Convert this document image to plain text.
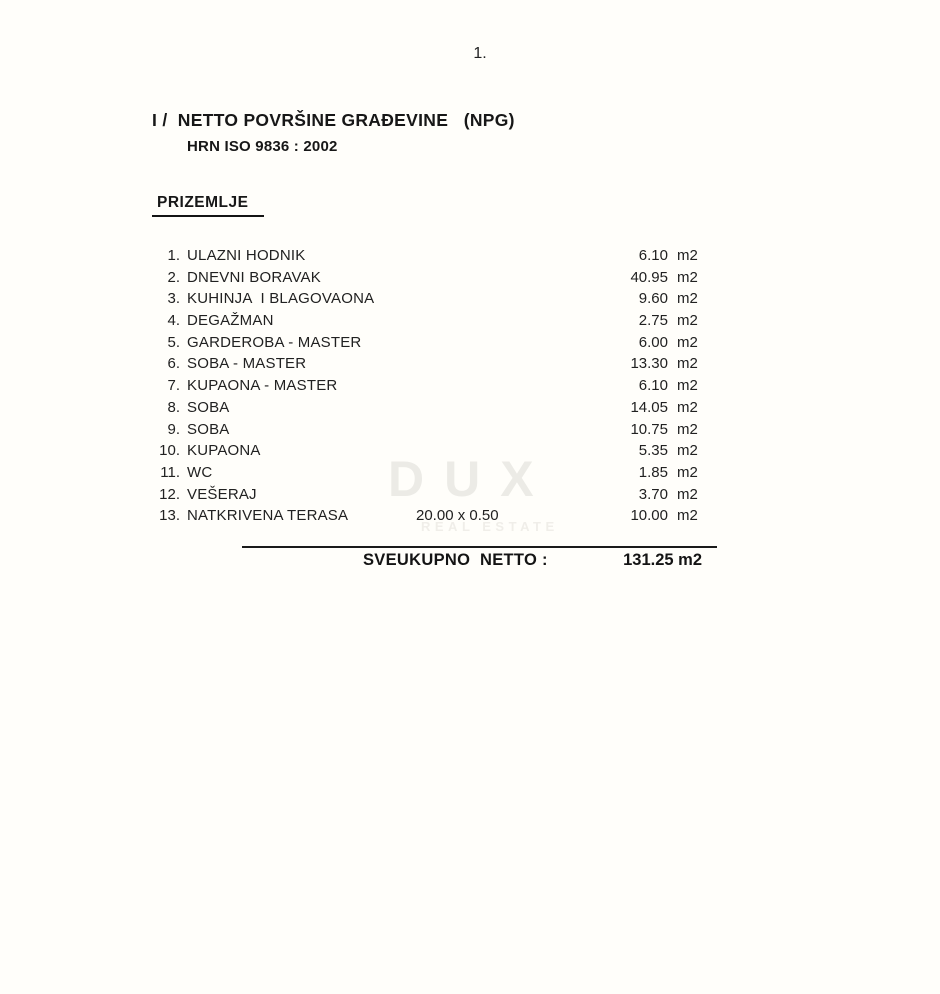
DUX
REAL ESTATE
1.
I /  NETTO POVRŠINE GRAĐEVINE   (NPG)
HRN ISO 9836 : 2002
PRIZEMLJE
1. ULAZNI HODNIK	6.10 m2
2. DNEVNI BORAVAK	40.95 m2
3. KUHINJA  I BLAGOVAONA	9.60 m2
4. DEGAŽMAN	2.75 m2
5. GARDEROBA - MASTER	6.00 m2
6. SOBA - MASTER	13.30 m2
7. KUPAONA - MASTER	6.10 m2
8. SOBA	14.05 m2
9. SOBA	10.75 m2
10. KUPAONA	5.35 m2
11. WC	1.85 m2
12. VEŠERAJ	3.70 m2
13. NATKRIVENA TERASA	20.00 x 0.50	10.00 m2
SVEUKUPNO  NETTO :	131.25 m2
